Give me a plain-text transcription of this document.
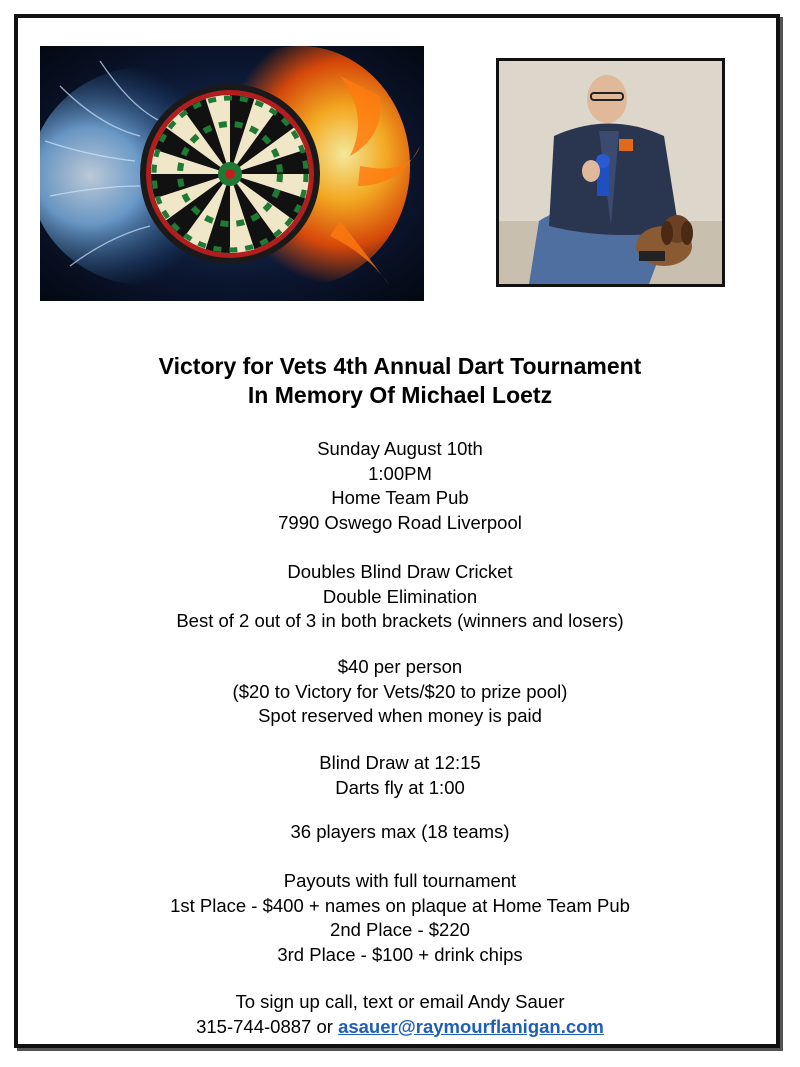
Victory for Vets 4th Annual Dart Tournament
In Memory Of Michael Loetz
Sunday August 10th
1:00PM
Home Team Pub
7990 Oswego Road Liverpool
Doubles Blind Draw Cricket
Double Elimination
Best of 2 out of 3 in both brackets (winners and losers)
$40 per person
($20 to Victory for Vets/$20 to prize pool)
Spot reserved when money is paid
Blind Draw at 12:15
Darts fly at 1:00
36 players max (18 teams)
Payouts with full tournament
1st Place - $400 + names on plaque at Home Team Pub
2nd Place - $220
3rd Place - $100 + drink chips
To sign up call, text or email Andy Sauer
315-744-0887 or asauer@raymourflanigan.com
